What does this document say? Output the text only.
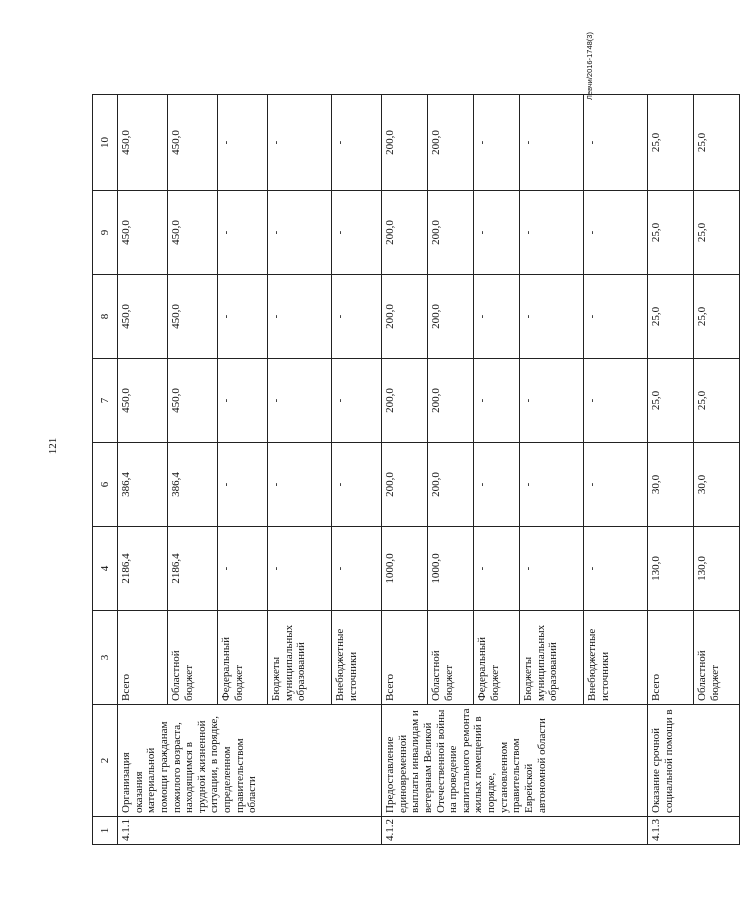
121
Левчи/2016-1748(3)
1	2	3	4	6	7	8	9	10
4.1.1	Организация оказания материальной помощи гражданам пожилого возраста, находящимся в трудной жизненной ситуации, в порядке, определенном правительством области	Всего	2186,4	386,4	450,0	450,0	450,0	450,0
		Областной бюджет	2186,4	386,4	450,0	450,0	450,0	450,0
		Федеральный бюджет	-	-	-	-	-	-
		Бюджеты муниципальных образований	-	-	-	-	-	-
		Внебюджетные источники	-	-	-	-	-	-
4.1.2	Предоставление единовременной выплаты инвалидам и ветеранам Великой Отечественной войны на проведение капитального ремонта жилых помещений в порядке, установленном правительством Еврейской автономной области	Всего	1000,0	200,0	200,0	200,0	200,0	200,0
		Областной бюджет	1000,0	200,0	200,0	200,0	200,0	200,0
		Федеральный бюджет	-	-	-	-	-	-
		Бюджеты муниципальных образований	-	-	-	-	-	-
		Внебюджетные источники	-	-	-	-	-	-
4.1.3	Оказание срочной социальной помощи в	Всего	130,0	30,0	25,0	25,0	25,0	25,0
		Областной бюджет	130,0	30,0	25,0	25,0	25,0	25,0
